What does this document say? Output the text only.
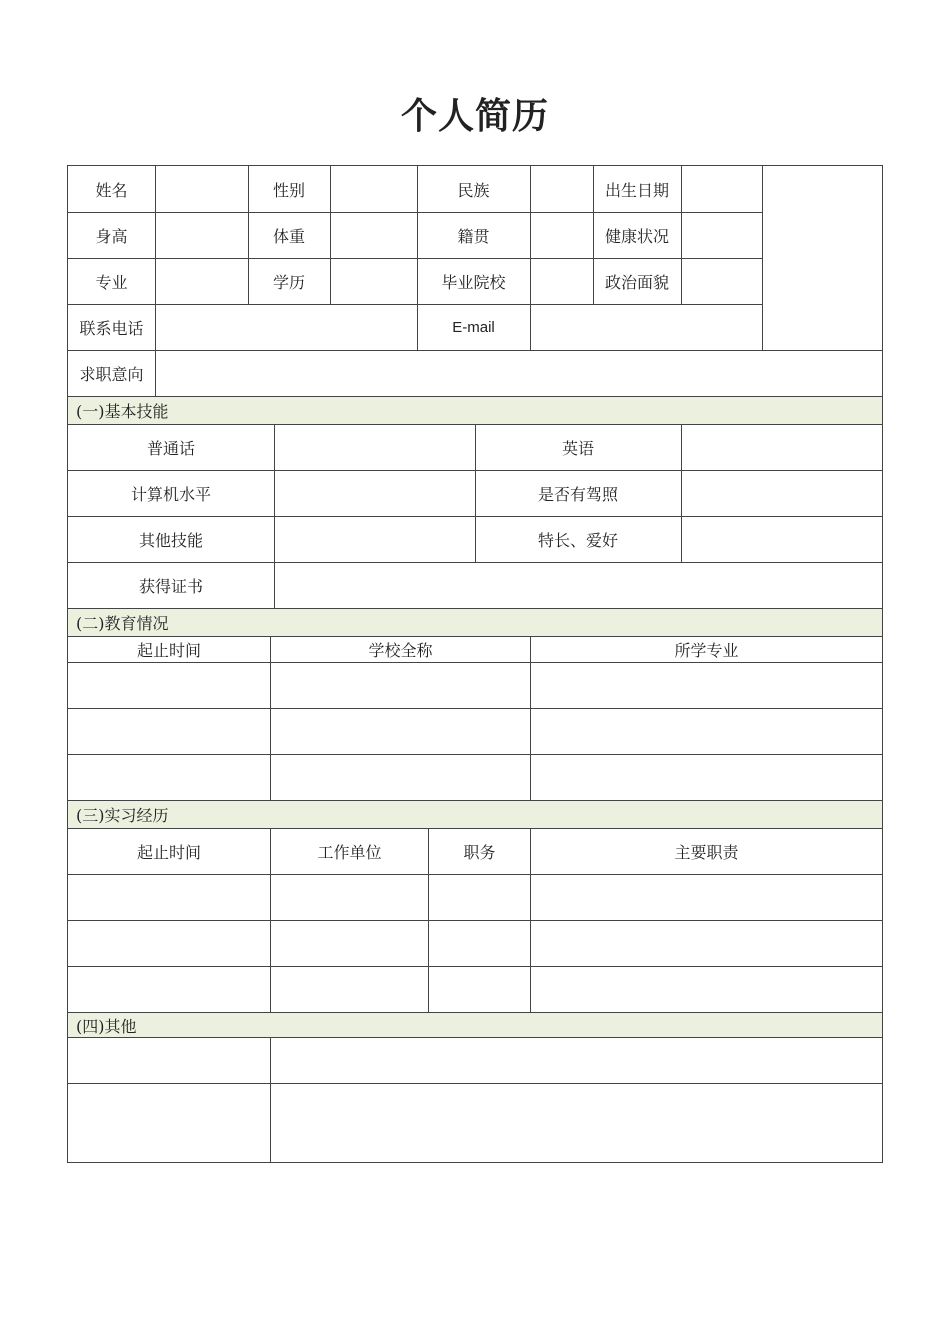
个人简历
姓名	性别	民族	出生日期
身高	体重	籍贯	健康状况
专业	学历	毕业院校	政治面貌
联系电话	E-mail
求职意向
(一)基本技能
普通话	英语
计算机水平	是否有驾照
其他技能	特长、爱好
获得证书
(二)教育情况
起止时间	学校全称	所学专业
(三)实习经历
起止时间	工作单位	职务	主要职责
(四)其他
